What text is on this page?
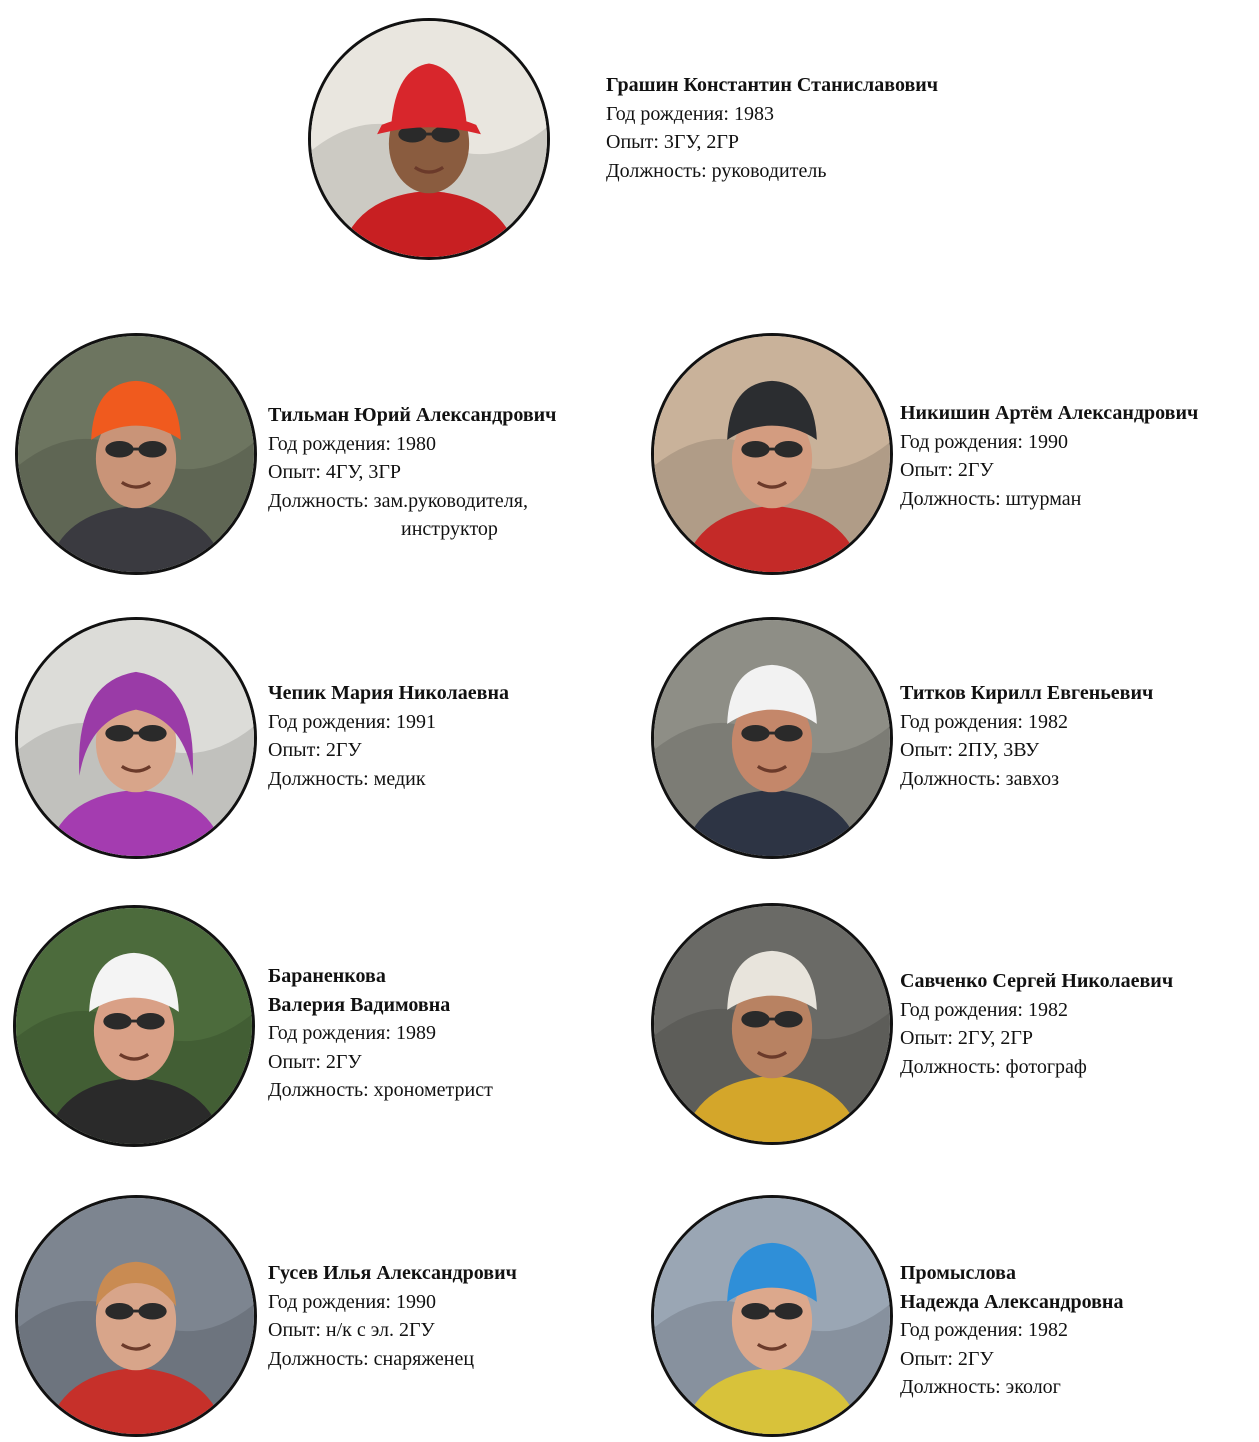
Грашин Константин Станиславович
Год рождения: 1983
Опыт: 3ГУ, 2ГР
Должность: руководитель
Тильман Юрий Александрович
Год рождения: 1980
Опыт: 4ГУ, 3ГР
Должность: зам.руководителя,
инструктор
Никишин Артём Александрович
Год рождения: 1990
Опыт: 2ГУ
Должность: штурман
Чепик Мария Николаевна
Год рождения: 1991
Опыт: 2ГУ
Должность: медик
Титков Кирилл Евгеньевич
Год рождения: 1982
Опыт: 2ПУ, 3ВУ
Должность: завхоз
Бараненкова
Валерия Вадимовна
Год рождения: 1989
Опыт: 2ГУ
Должность: хронометрист
Савченко Сергей Николаевич
Год рождения: 1982
Опыт: 2ГУ, 2ГР
Должность: фотограф
Гусев Илья Александрович
Год рождения: 1990
Опыт: н/к с эл. 2ГУ
Должность: снаряженец
Промыслова
Надежда Александровна
Год рождения: 1982
Опыт: 2ГУ
Должность: эколог
